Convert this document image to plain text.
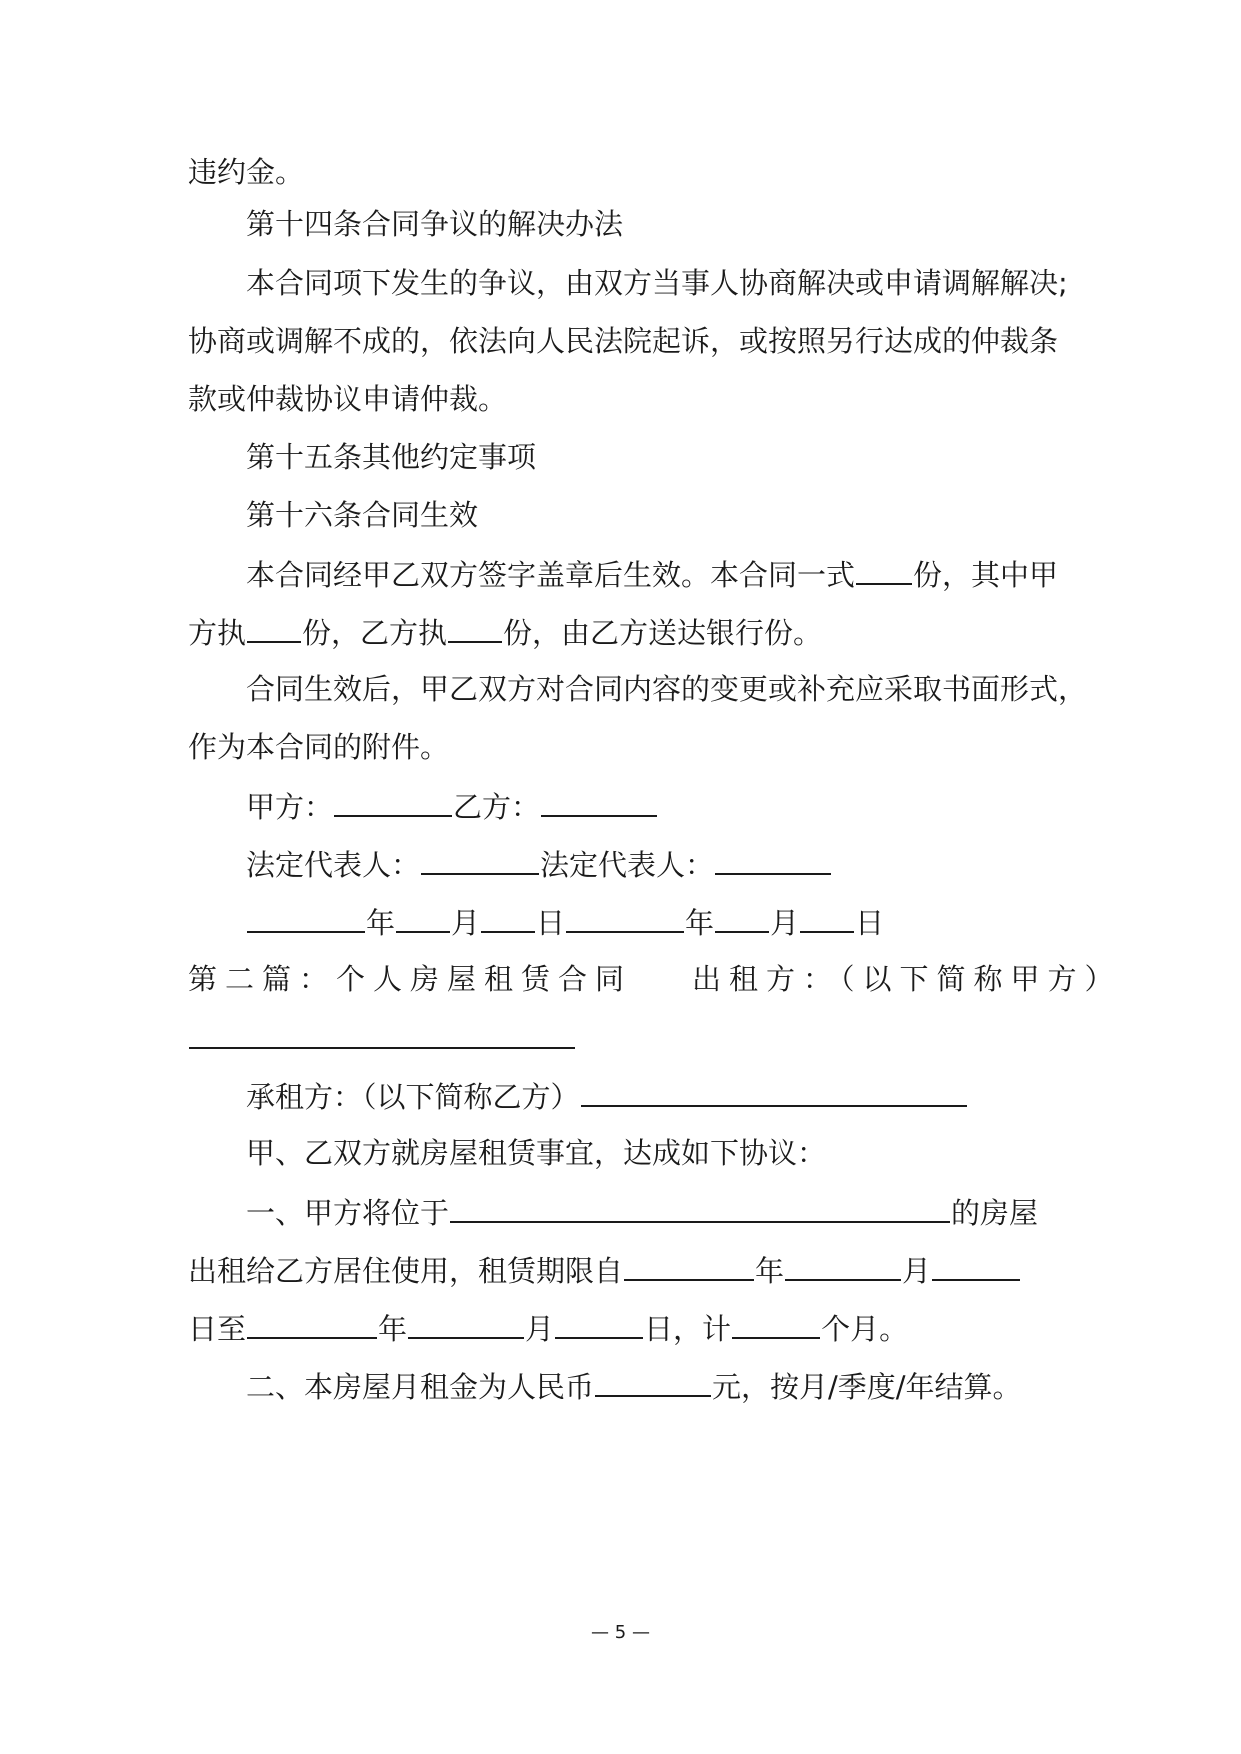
违约金。
第十四条合同争议的解决办法
本合同项下发生的争议，由双方当事人协商解决或申请调解解决;
协商或调解不成的，依法向人民法院起诉，或按照另行达成的仲裁条
款或仲裁协议申请仲裁。
第十五条其他约定事项
第十六条合同生效
本合同经甲乙双方签字盖章后生效。本合同一式 份，其中甲
方执 份，乙方执 份，由乙方送达银行份。
合同生效后，甲乙双方对合同内容的变更或补充应采取书面形式，
作为本合同的附件。
甲方：	乙方：
法定代表人：	法定代表人：
年 月 日	年 月 日
第二篇：个人房屋租赁合同 出租方：（以下简称甲方）
承租方：（以下简称乙方）
甲、乙双方就房屋租赁事宜，达成如下协议：
一、甲方将位于	的房屋
出租给乙方居住使用，租赁期限自	年	月
日至	年	月	日，计	个月。
二、本房屋月租金为人民币	元，按月/季度/年结算。
— 5 —
